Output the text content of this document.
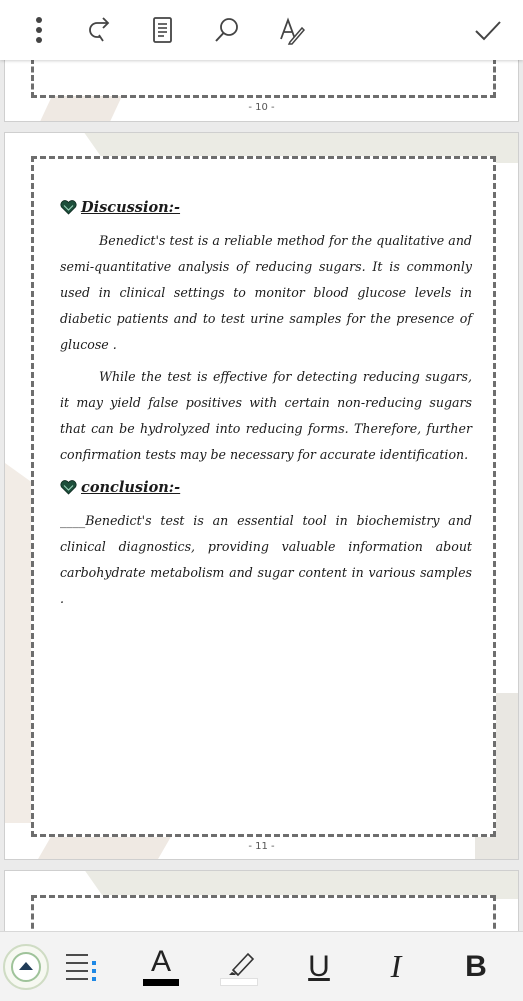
- 10 -
Discussion:-

Benedict's test is a reliable method for the qualitative and semi-quantitative analysis of reducing sugars. It is commonly used in clinical settings to monitor blood glucose levels in diabetic patients and to test urine samples for the presence of glucose .

While the test is effective for detecting reducing sugars, it may yield false positives with certain non-reducing sugars that can be hydrolyzed into reducing forms. Therefore, further confirmation tests may be necessary for accurate identification.

conclusion:-

____Benedict's test is an essential tool in biochemistry and clinical diagnostics, providing valuable information about carbohydrate metabolism and sugar content in various samples .

- 11 -
A	U I B
